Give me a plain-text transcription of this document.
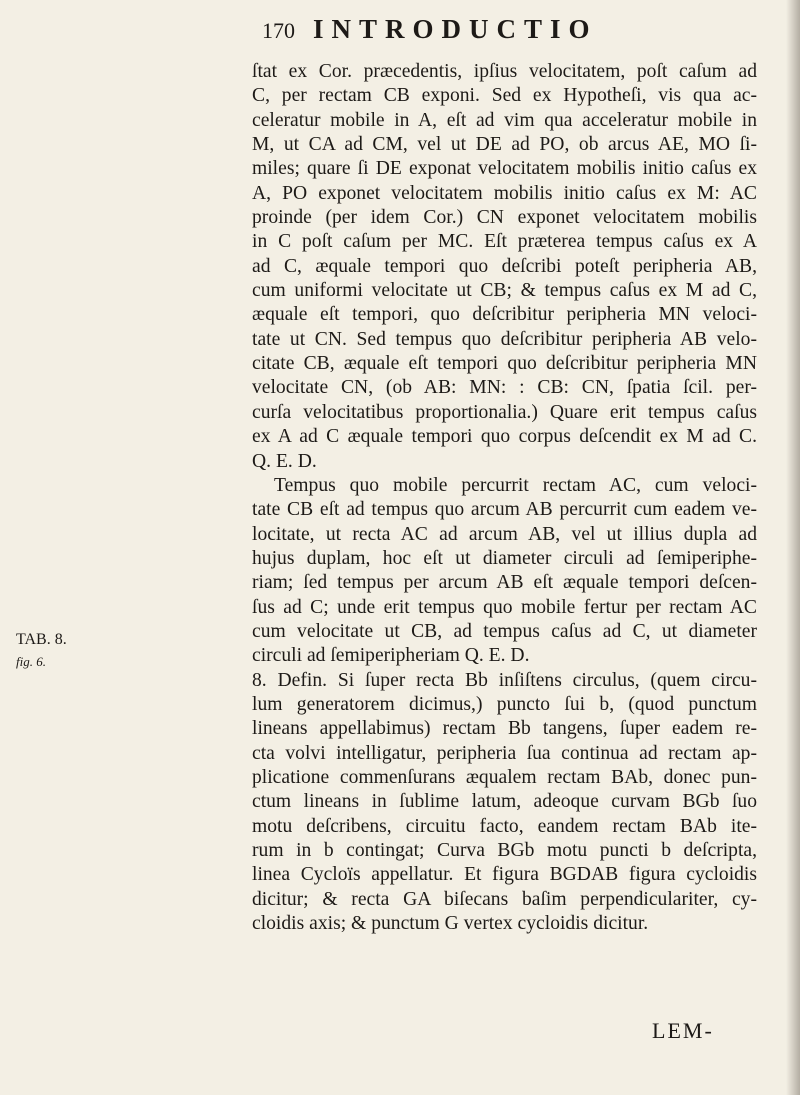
170 INTRODUCTIO
ſtat ex Cor. præcedentis, ipſius velocitatem, poſt caſum ad
C, per rectam CB exponi. Sed ex Hypotheſi, vis qua ac-
celeratur mobile in A, eſt ad vim qua acceleratur mobile in
M, ut CA ad CM, vel ut DE ad PO, ob arcus AE, MO ſi-
miles; quare ſi DE exponat velocitatem mobilis initio caſus ex
A, PO exponet velocitatem mobilis initio caſus ex M: AC
proinde (per idem Cor.) CN exponet velocitatem mobilis
in C poſt caſum per MC. Eſt præterea tempus caſus ex A
ad C, æquale tempori quo deſcribi poteſt peripheria AB,
cum uniformi velocitate ut CB; & tempus caſus ex M ad C,
æquale eſt tempori, quo deſcribitur peripheria MN veloci-
tate ut CN. Sed tempus quo deſcribitur peripheria AB velo-
citate CB, æquale eſt tempori quo deſcribitur peripheria MN
velocitate CN, (ob AB: MN: : CB: CN, ſpatia ſcil. per-
curſa velocitatibus proportionalia.) Quare erit tempus caſus
ex A ad C æquale tempori quo corpus deſcendit ex M ad C.
Q. E. D.
Tempus quo mobile percurrit rectam AC, cum veloci-
tate CB eſt ad tempus quo arcum AB percurrit cum eadem ve-
locitate, ut recta AC ad arcum AB, vel ut illius dupla ad
hujus duplam, hoc eſt ut diameter circuli ad ſemiperiphe-
riam; ſed tempus per arcum AB eſt æquale tempori deſcen-
ſus ad C; unde erit tempus quo mobile fertur per rectam AC
cum velocitate ut CB, ad tempus caſus ad C, ut diameter
circuli ad ſemiperipheriam Q. E. D.
8. Defin. Si ſuper recta Bb inſiſtens circulus, (quem circu-
lum generatorem dicimus,) puncto ſui b, (quod punctum
lineans appellabimus) rectam Bb tangens, ſuper eadem re-
cta volvi intelligatur, peripheria ſua continua ad rectam ap-
plicatione commenſurans æqualem rectam BAb, donec pun-
ctum lineans in ſublime latum, adeoque curvam BGb ſuo
motu deſcribens, circuitu facto, eandem rectam BAb ite-
rum in b contingat; Curva BGb motu puncti b deſcripta,
linea Cycloïs appellatur. Et figura BGDAB figura cycloidis
dicitur; & recta GA biſecans baſim perpendiculariter, cy-
cloidis axis; & punctum G vertex cycloidis dicitur.
TAB. 8.
fig. 6.
LEM-
